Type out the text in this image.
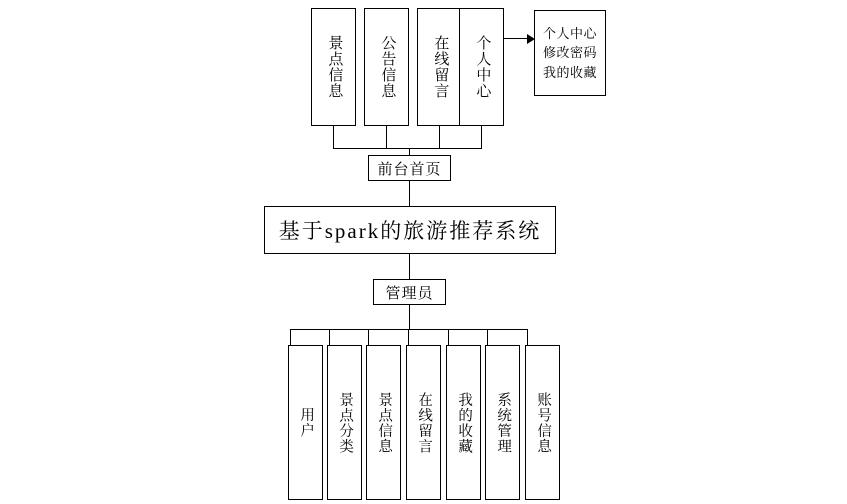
景点信息 公告信息 在线留言 个人中心
个人中心
修改密码
我的收藏
前台首页
基于spark的旅游推荐系统
管理员
用户 景点分类 景点信息 在线留言 我的收藏 系统管理 账号信息
